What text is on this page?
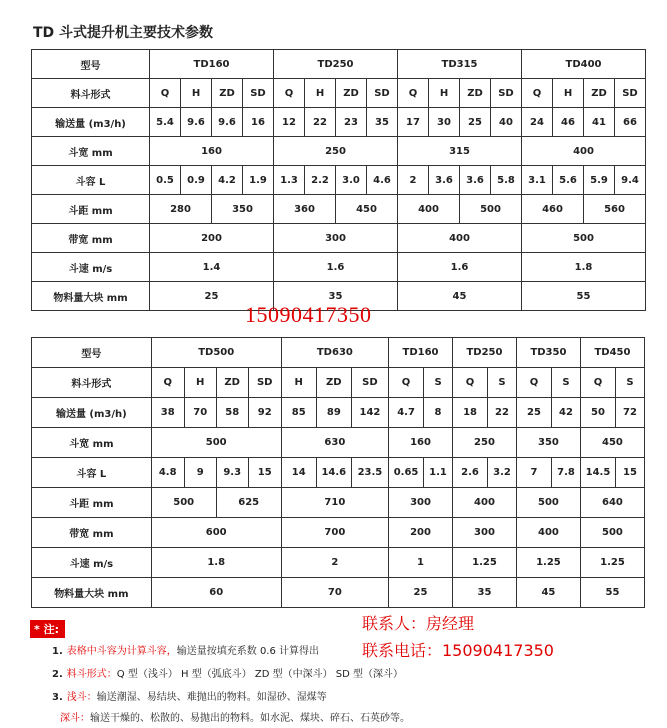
TD 斗式提升机主要技术参数
型号	TD160				TD250				TD315				TD400			
料斗形式	Q	H	ZD	SD	Q	H	ZD	SD	Q	H	ZD	SD	Q	H	ZD	SD
输送量 (m3/h)	5.4	9.6	9.6	16	12	22	23	35	17	30	25	40	24	46	41	66
斗宽 mm	160				250				315				400			
斗容 L	0.5	0.9	4.2	1.9	1.3	2.2	3.0	4.6	2	3.6	3.6	5.8	3.1	5.6	5.9	9.4
斗距 mm	280		350		360		450		400		500		460		560	
带宽 mm	200				300				400				500			
斗速 m/s	1.4				1.6				1.6				1.8			
物料量大块 mm	25				35				45				55			
15090417350
型号	TD500				TD630			TD160		TD250		TD350		TD450	
料斗形式	Q	H	ZD	SD	H	ZD	SD	Q	S	Q	S	Q	S	Q	S
输送量 (m3/h)	38	70	58	92	85	89	142	4.7	8	18	22	25	42	50	72
斗宽 mm	500				630			160		250		350		450	
斗容 L	4.8	9	9.3	15	14	14.6	23.5	0.65	1.1	2.6	3.2	7	7.8	14.5	15
斗距 mm	500		625		710			300		400		500		640	
带宽 mm	600				700			200		300		400		500	
斗速 m/s	1.8				2			1		1.25		1.25		1.25	
物料量大块 mm	60				70			25		35		45		55	
* 注:
1. 表格中斗容为计算斗容，输送量按填充系数 0.6 计算得出
2. 料斗形式：Q 型（浅斗） H 型（弧底斗） ZD 型（中深斗） SD 型（深斗）
3. 浅斗：输送潮湿、易结块、难抛出的物料。如湿砂、湿煤等
深斗：输送干燥的、松散的、易抛出的物料。如水泥、煤块、碎石、石英砂等。
联系人：房经理
联系电话：15090417350
